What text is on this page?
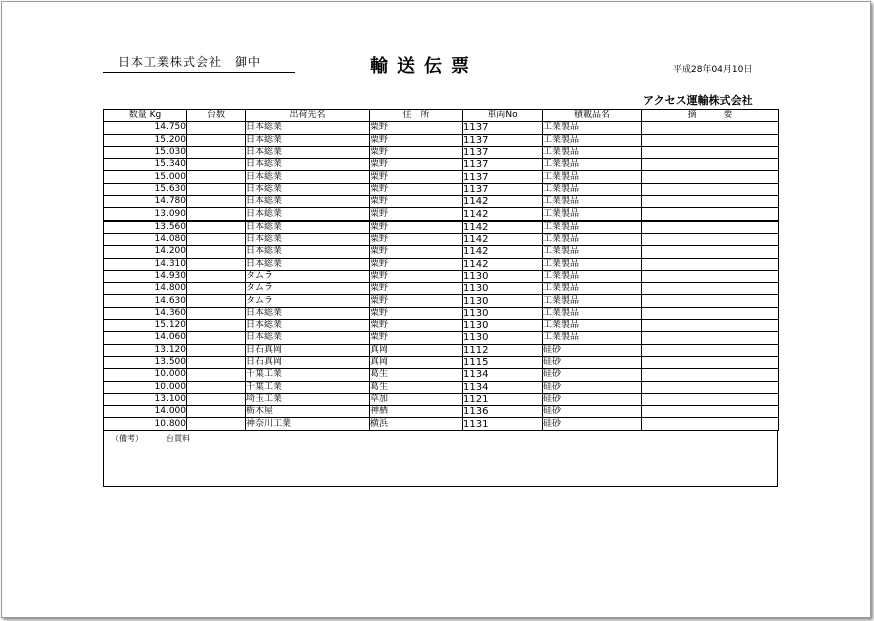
日本工業株式会社　御中	輸送伝票	平成28年04月10日
アクセス運輸株式会社
数量 Kg	台数	出荷先名	住　所	車両No	積載品名	摘　　　要
14.750		日本総業	粟野	1137	工業製品	
15.200		日本総業	粟野	1137	工業製品	
15.030		日本総業	粟野	1137	工業製品	
15.340		日本総業	粟野	1137	工業製品	
15.000		日本総業	粟野	1137	工業製品	
15.630		日本総業	粟野	1137	工業製品	
14.780		日本総業	粟野	1142	工業製品	
13.090		日本総業	粟野	1142	工業製品	
13.560		日本総業	粟野	1142	工業製品	
14.080		日本総業	粟野	1142	工業製品	
14.200		日本総業	粟野	1142	工業製品	
14.310		日本総業	粟野	1142	工業製品	
14.930		タムラ	粟野	1130	工業製品	
14.800		タムラ	粟野	1130	工業製品	
14.630		タムラ	粟野	1130	工業製品	
14.360		日本総業	粟野	1130	工業製品	
15.120		日本総業	粟野	1130	工業製品	
14.060		日本総業	粟野	1130	工業製品	
13.120		日石真岡	真岡	1112	硅砂	
13.500		日石真岡	真岡	1115	硅砂	
10.000		千葉工業	葛生	1134	硅砂	
10.000		千葉工業	葛生	1134	硅砂	
13.100		埼玉工業	草加	1121	硅砂	
14.000		栃木屋	神栖	1136	硅砂	
10.800		神奈川工業	横浜	1131	硅砂	
（備考）	台貫料
